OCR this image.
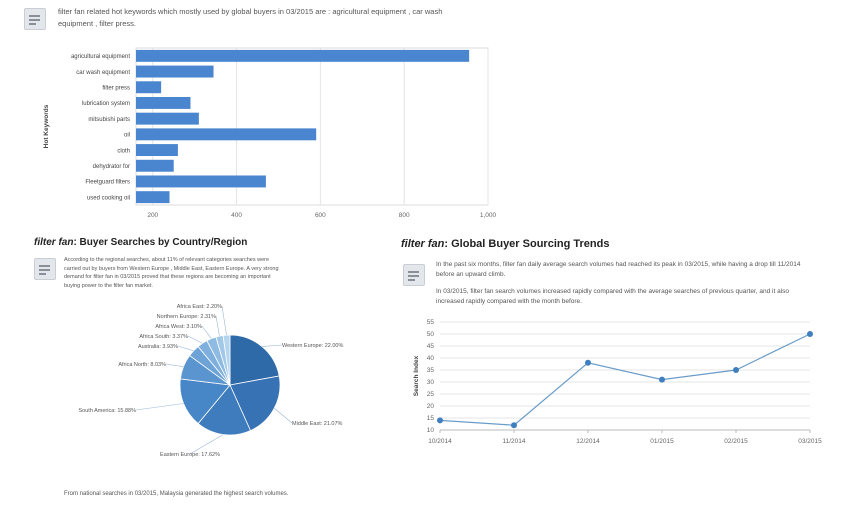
filter fan related hot keywords which mostly used by global buyers in 03/2015 are : agricultural equipment , car wash equipment , filter press.
200	400	600	800	1,000
agricultural equipment
car wash equipment
filter press
lubrication system
mitsubishi parts
oil
cloth
dehydrator for
Fleetguard filters
used cooking oil
Hot Keywords
filter fan: Buyer Searches by Country/Region
According to the regional searches, about 11% of relevant categories searches were carried out by buyers from Western Europe , Middle East, Eastern Europe. A very strong demand for filter fan in 03/2015 proved that these regions are becoming an important buying power to the filter fan market.
Western Europe: 22.00%
Middle East: 21.07%
Eastern Europe: 17.62%
South America: 15.88%
Africa North: 8.03%
Australia: 3.93%
Africa South: 3.37%
Africa West: 3.10%
Northern Europe: 2.31%
Africa East: 2.20%
From national searches in 03/2015, Malaysia generated the highest search volumes.
filter fan: Global Buyer Sourcing Trends
In the past six months, filter fan daily average search volumes had reached its peak in 03/2015, while having a drop till 11/2014 before an upward climb.
In 03/2015, filter fan search volumes increased rapidly compared with the average searches of previous quarter, and it also increased rapidly compared with the month before.
10
15
20
25
30
35
40
45
50
55
10/2014	11/2014	12/2014	01/2015	02/2015	03/2015
Search Index
